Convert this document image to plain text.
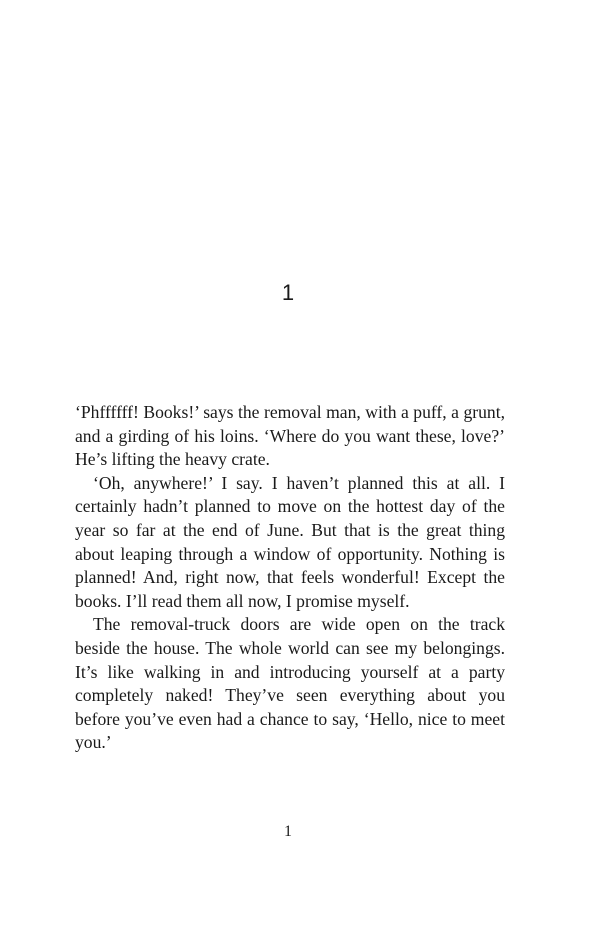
1

‘Phffffff! Books!’ says the removal man, with a puff, a grunt, and a girding of his loins. ‘Where do you want these, love?’ He’s lifting the heavy crate.

‘Oh, anywhere!’ I say. I haven’t planned this at all. I certainly hadn’t planned to move on the hottest day of the year so far at the end of June. But that is the great thing about leaping through a window of opportunity. Nothing is planned! And, right now, that feels wonderful! Except the books. I’ll read them all now, I promise myself.

The removal-truck doors are wide open on the track beside the house. The whole world can see my belongings. It’s like walking in and introducing yourself at a party completely naked! They’ve seen everything about you before you’ve even had a chance to say, ‘Hello, nice to meet you.’

1
